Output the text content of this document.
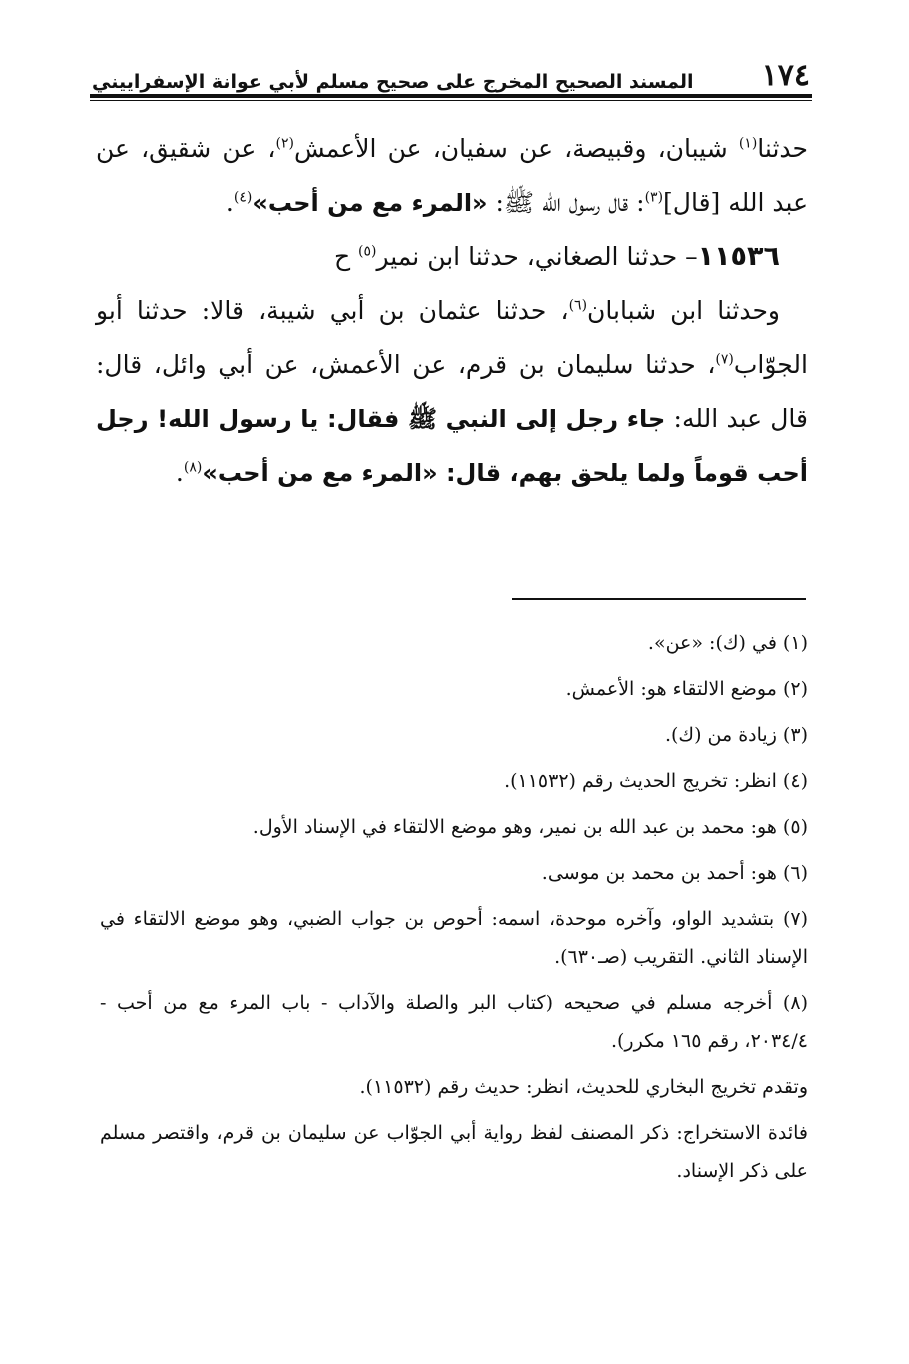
١٧٤
المسند الصحيح المخرج على صحيح مسلم لأبي عوانة الإسفراييني

حدثنا$^{(١)}$ شيبان، وقبيصة، عن سفيان، عن الأعمش$^{(٢)}$، عن شقيق، عن عبد الله [قال]$^{(٣)}$: قال رسول الله ﷺ: «المرء مع من أحب»$^{(٤)}$.

١١٥٣٦– حدثنا الصغاني، حدثنا ابن نمير$^{(٥)}$ ح

وحدثنا ابن شبابان$^{(٦)}$، حدثنا عثمان بن أبي شيبة، قالا: حدثنا أبو الجوّاب$^{(٧)}$، حدثنا سليمان بن قرم، عن الأعمش، عن أبي وائل، قال: قال عبد الله: جاء رجل إلى النبي ﷺ فقال: يا رسول الله! رجل أحب قوماً ولما يلحق بهم، قال: «المرء مع من أحب»$^{(٨)}$.

(١) في (ك): «عن».

(٢) موضع الالتقاء هو: الأعمش.

(٣) زيادة من (ك).

(٤) انظر: تخريج الحديث رقم (١١٥٣٢).

(٥) هو: محمد بن عبد الله بن نمير، وهو موضع الالتقاء في الإسناد الأول.

(٦) هو: أحمد بن محمد بن موسى.

(٧) بتشديد الواو، وآخره موحدة، اسمه: أحوص بن جواب الضبي، وهو موضع الالتقاء في الإسناد الثاني. التقريب (صـ٦٣٠).

(٨) أخرجه مسلم في صحيحه (كتاب البر والصلة والآداب - باب المرء مع من أحب - ٢٠٣٤/٤، رقم ١٦٥ مكرر).

وتقدم تخريج البخاري للحديث، انظر: حديث رقم (١١٥٣٢).

فائدة الاستخراج: ذكر المصنف لفظ رواية أبي الجوّاب عن سليمان بن قرم، واقتصر مسلم على ذكر الإسناد.
